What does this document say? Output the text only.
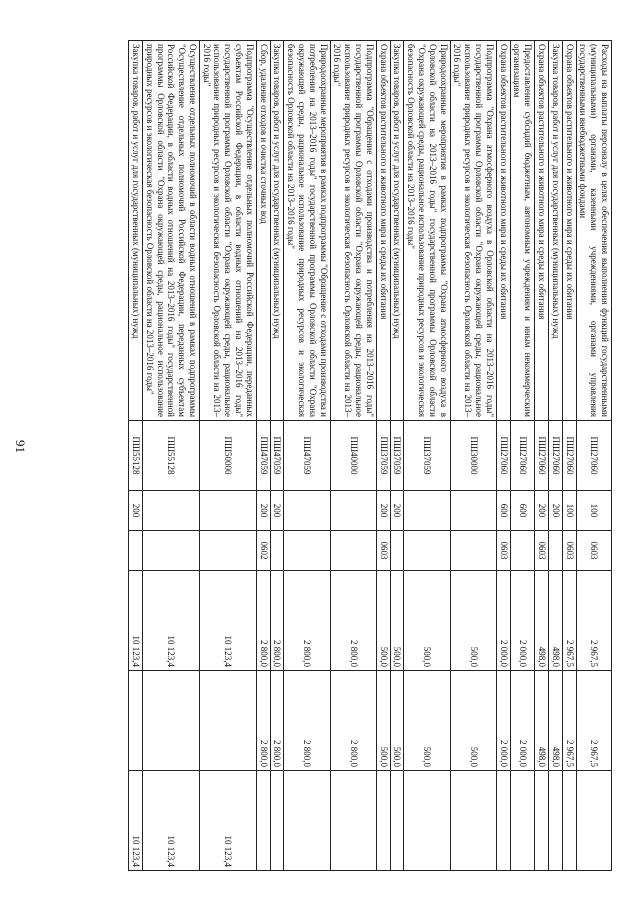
91
Расходы на выплаты персоналу в целях обеспечения выполнения функций государственными (муниципальными) органами, казенными учреждениями, органами управления государственными внебюджетными фондами	ПШ27060	100	0603	2 967,5	2 967,5	
Охрана объектов растительного и животного мира и среды их обитания	ПШ27060	100	0603	2 967,5	2 967,5	
Закупка товаров, работ и услуг для государственных (муниципальных) нужд	ПШ27060	200		498,0	498,0	
Охрана объектов растительного и животного мира и среды их обитания	ПШ27060	200	0603	498,0	498,0	
Предоставление субсидий бюджетным, автономным учреждениям и иным некоммерческим организациям	ПШ27060	600		2 000,0	2 000,0	
Охрана объектов растительного и животного мира и среды их обитания	ПШ27060	600	0603	2 000,0	2 000,0	
Подпрограмма "Охрана атмосферного воздуха в Орловской области на 2013–2016 годы" государственной программы Орловской области "Охрана окружающей среды, рациональное использование природных ресурсов и экологическая безопасность Орловской области на 2013–2016 годы"	ПШ30000			500,0	500,0	
Природоохранные мероприятия в рамках подпрограммы "Охрана атмосферного воздуха в Орловской области на 2013–2016 годы" государственной программы Орловской области "Охрана окружающей среды, рациональное использование природных ресурсов и экологическая безопасность Орловской области на 2013–2016 годы"	ПШ37059			500,0	500,0	
Закупка товаров, работ и услуг для государственных (муниципальных) нужд	ПШ37059	200		500,0	500,0	
Охрана объектов растительного и животного мира и среды их обитания	ПШ37059	200	0603	500,0	500,0	
Подпрограмма "Обращение с отходами производства и потребления на 2013–2016 годы" государственной программы Орловской области "Охрана окружающей среды, рациональное использование природных ресурсов и экологическая безопасность Орловской области на 2013–2016 годы"	ПШ40000			2 800,0	2 800,0	
Природоохранные мероприятия в рамках подпрограммы "Обращение с отходами производства и потребления на 2013–2016 годы" государственной программы Орловской области "Охрана окружающей среды, рациональное использование природных ресурсов и экологическая безопасность Орловской области на 2013–2016 годы"	ПШ47059			2 800,0	2 800,0	
Закупка товаров, работ и услуг для государственных (муниципальных) нужд	ПШ47059	200		2 800,0	2 800,0	
Сбор, удаление отходов и очистка сточных вод	ПШ47059	200	0602	2 800,0	2 800,0	
Подпрограмма "Осуществление отдельных полномочий Российской Федерации, переданных субъектам Российской Федерации, в области водных отношений на 2013–2016 годы" государственной программы Орловской области "Охрана окружающей среды, рациональное использование природных ресурсов и экологическая безопасность Орловской области на 2013–2016 годы"	ПШ50000			10 123,4		10 123,4
Осуществление отдельных полномочий в области водных отношений в рамках подпрограммы "Осуществление отдельных полномочий Российской Федерации, переданных субъектам Российской Федерации, в области водных отношений на 2013–2016 годы" государственной программы Орловской области "Охрана окружающей среды, рациональное использование природных ресурсов и экологическая безопасность Орловской области на 2013–2016 годы"	ПШ55128			10 123,4		10 123,4
Закупка товаров, работ и услуг для государственных (муниципальных) нужд	ПШ55128	200		10 123,4		10 123,4
